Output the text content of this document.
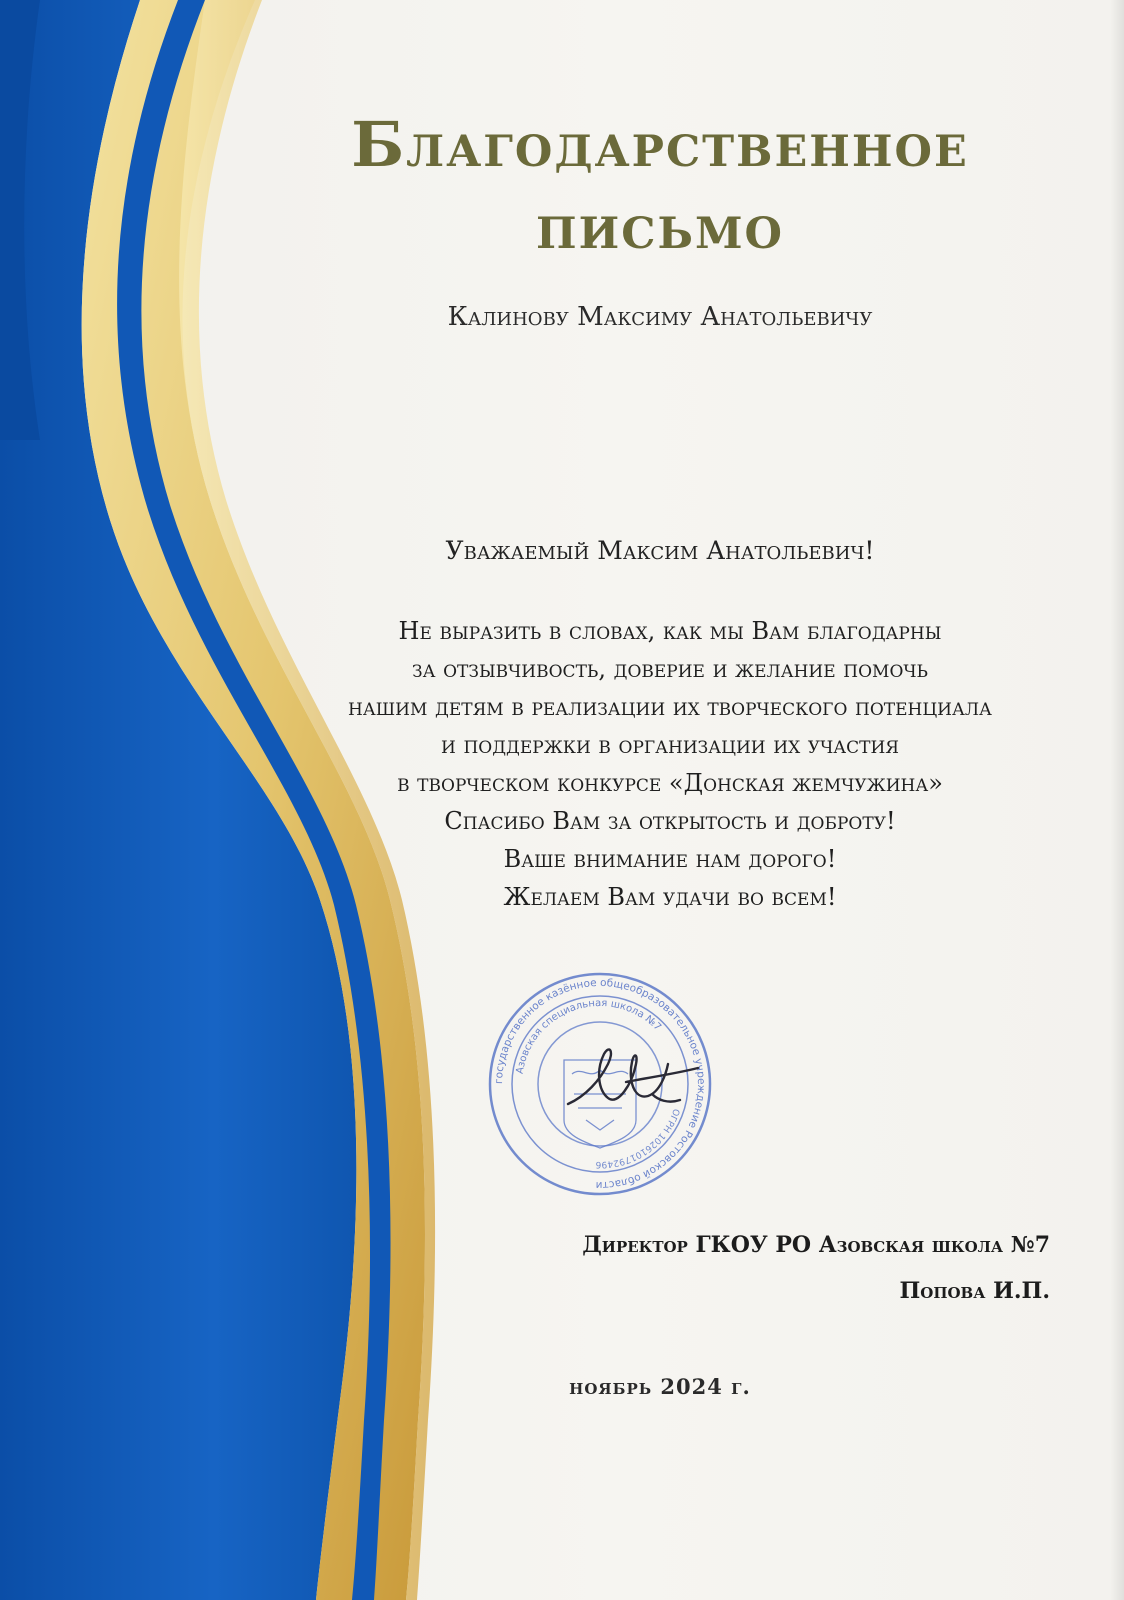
Благодарственное
письмо

Калинову Максиму Анатольевичу

Уважаемый Максим Анатольевич!

Не выразить в словах, как мы Вам благодарны
за отзывчивость, доверие и желание помочь
нашим детям в реализации их творческого потенциала
и поддержки в организации их участия
в творческом конкурсе «Донская жемчужина»
Спасибо Вам за открытость и доброту!
Ваше внимание нам дорого!
Желаем Вам удачи во всем!
государственное казённое общеобразовательное учреждение Ростовской области
Азовская специальная школа №7
ОГРН 1026101792496

Директор ГКОУ РО Азовская школа №7

Попова И.П.

ноябрь 2024 г.
